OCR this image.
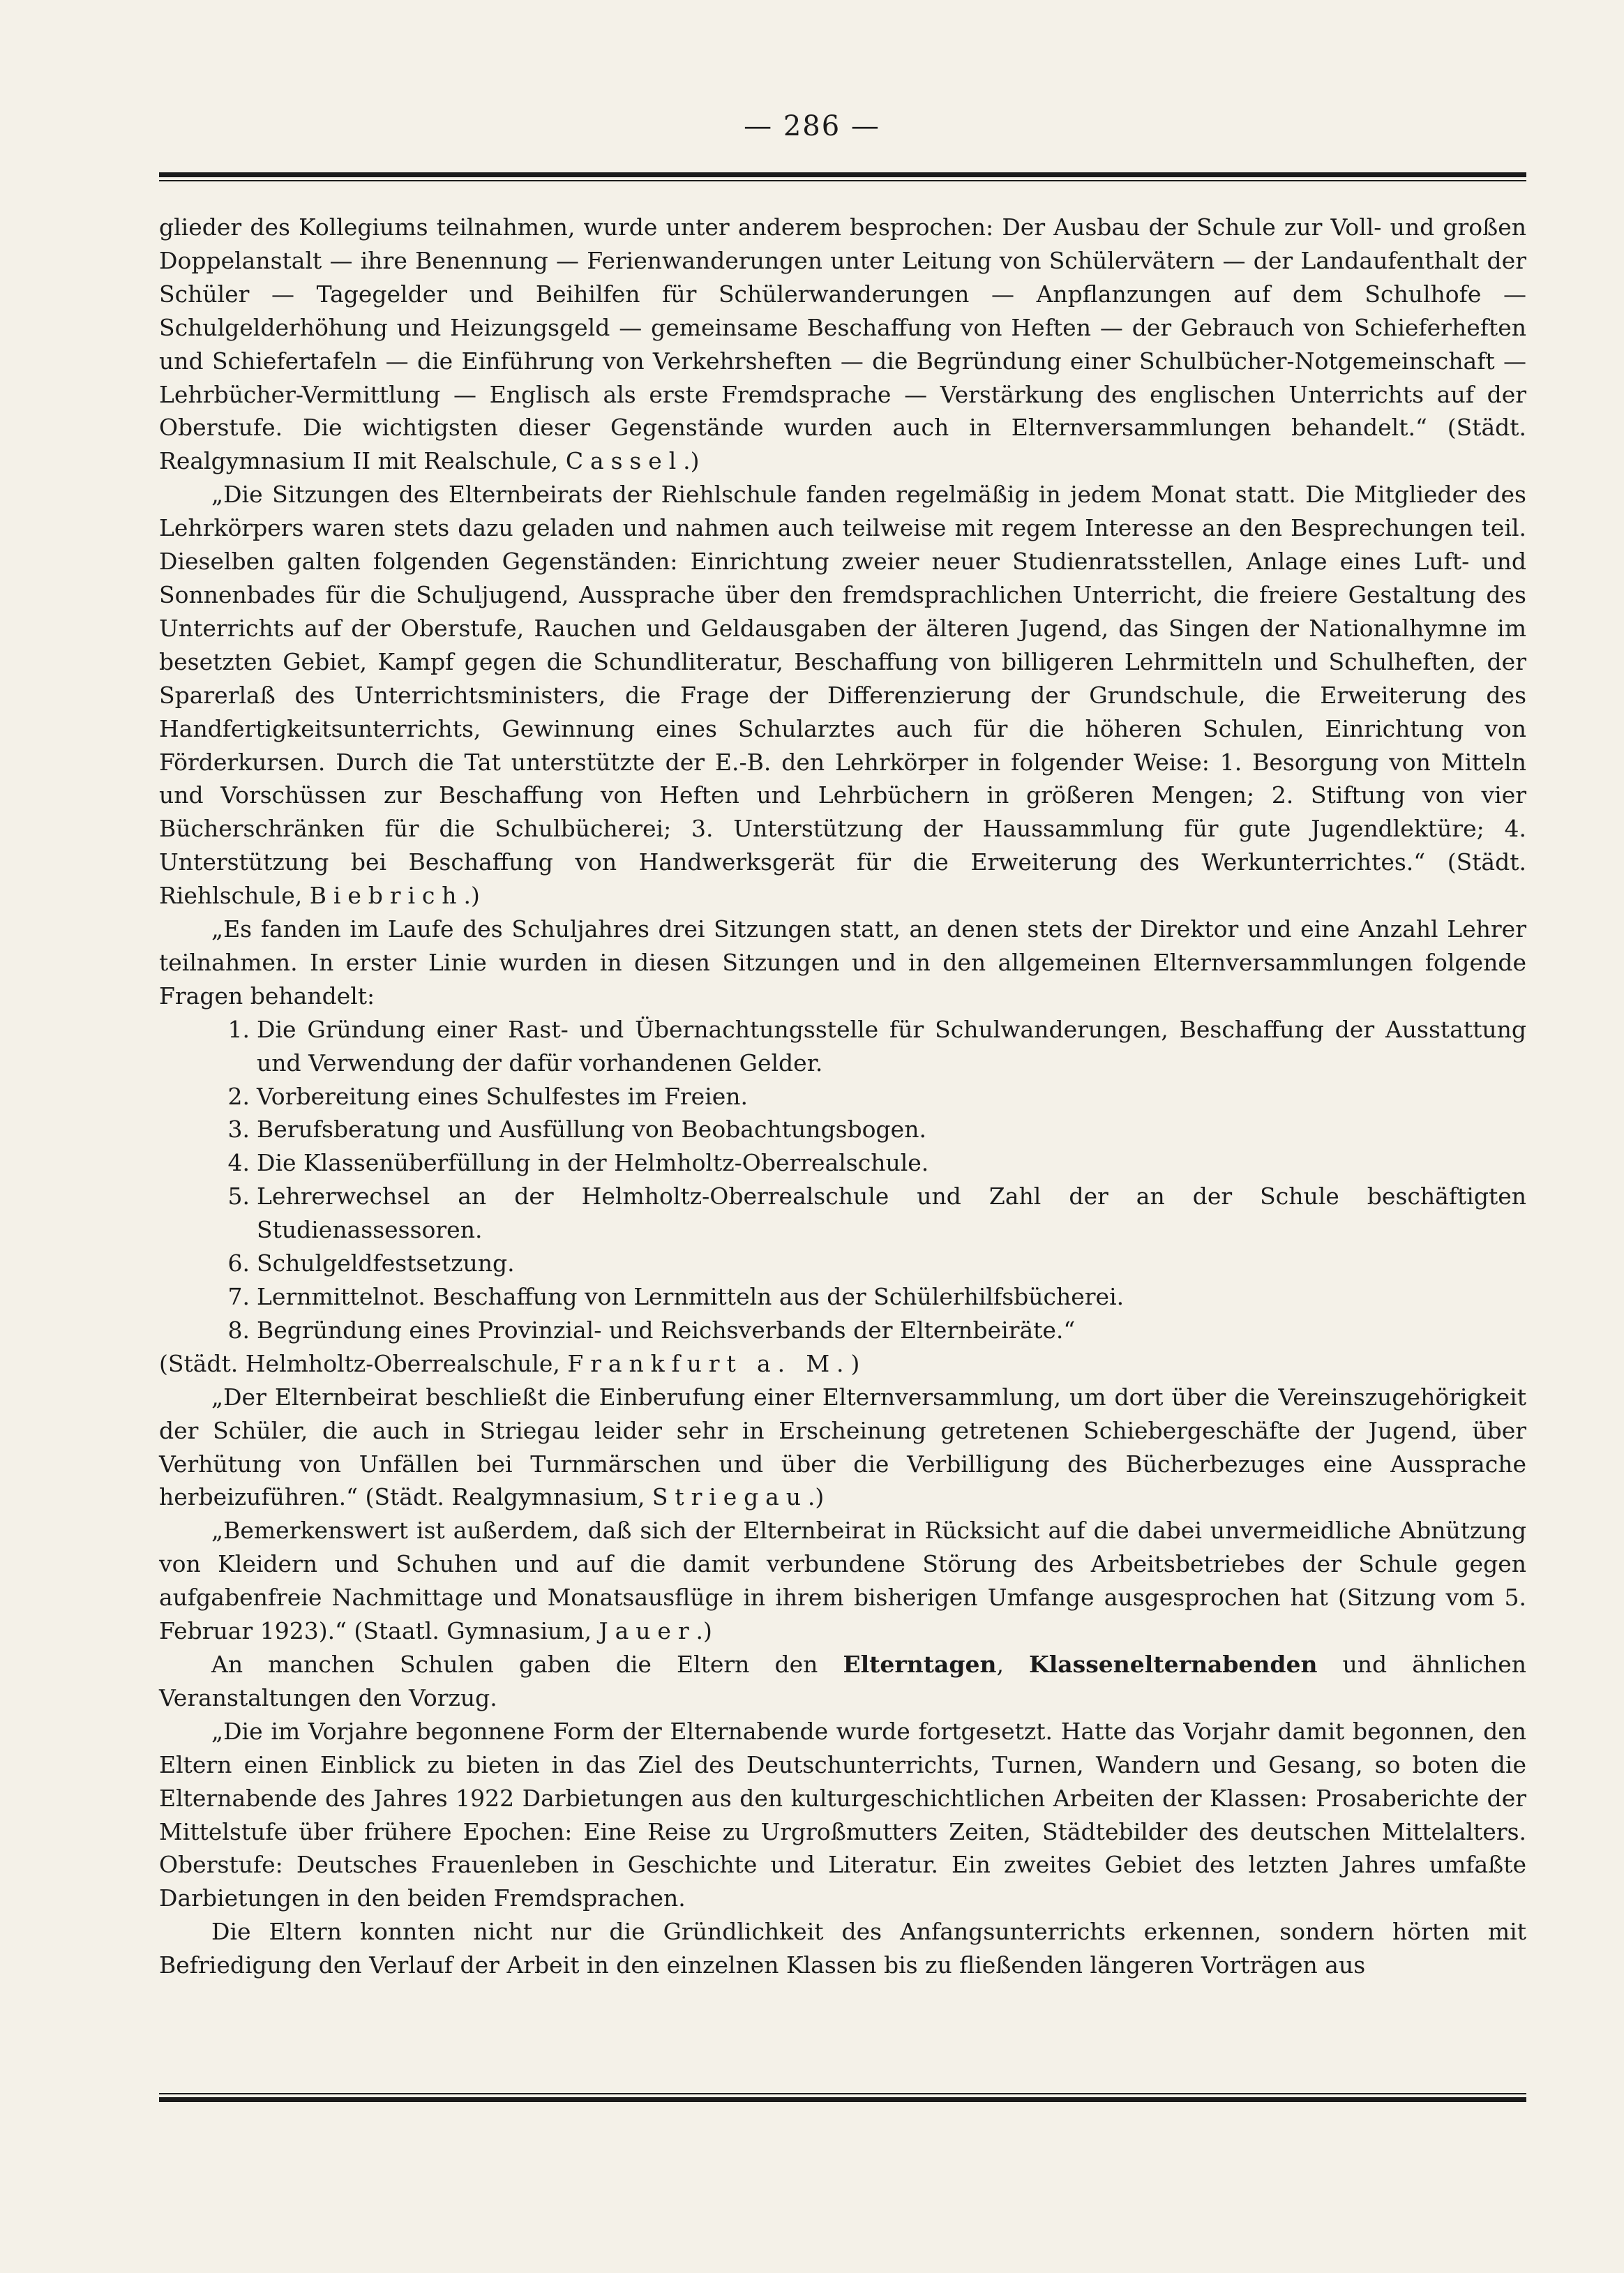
— 286 —

glieder des Kollegiums teilnahmen, wurde unter anderem besprochen: Der Ausbau der Schule zur Voll- und großen Doppelanstalt — ihre Benennung — Ferienwanderungen unter Leitung von Schülervätern — der Landaufenthalt der Schüler — Tagegelder und Beihilfen für Schülerwanderungen — Anpflanzungen auf dem Schulhofe — Schulgelderhöhung und Heizungsgeld — gemeinsame Beschaffung von Heften — der Gebrauch von Schieferheften und Schiefertafeln — die Einführung von Verkehrsheften — die Begründung einer Schulbücher-Notgemeinschaft — Lehrbücher-Vermittlung — Englisch als erste Fremdsprache — Verstärkung des englischen Unterrichts auf der Oberstufe. Die wichtigsten dieser Gegenstände wurden auch in Elternversammlungen behandelt.“ (Städt. Realgymnasium II mit Realschule, Cassel.)

„Die Sitzungen des Elternbeirats der Riehlschule fanden regelmäßig in jedem Monat statt. Die Mitglieder des Lehrkörpers waren stets dazu geladen und nahmen auch teilweise mit regem Interesse an den Besprechungen teil. Dieselben galten folgenden Gegenständen: Einrichtung zweier neuer Studienratsstellen, Anlage eines Luft- und Sonnenbades für die Schuljugend, Aussprache über den fremdsprachlichen Unterricht, die freiere Gestaltung des Unterrichts auf der Oberstufe, Rauchen und Geldausgaben der älteren Jugend, das Singen der Nationalhymne im besetzten Gebiet, Kampf gegen die Schundliteratur, Beschaffung von billigeren Lehrmitteln und Schulheften, der Sparerlaß des Unterrichtsministers, die Frage der Differenzierung der Grundschule, die Erweiterung des Handfertigkeitsunterrichts, Gewinnung eines Schularztes auch für die höheren Schulen, Einrichtung von Förderkursen. Durch die Tat unterstützte der E.-B. den Lehrkörper in folgender Weise: 1. Besorgung von Mitteln und Vorschüssen zur Beschaffung von Heften und Lehrbüchern in größeren Mengen; 2. Stiftung von vier Bücherschränken für die Schulbücherei; 3. Unterstützung der Haussammlung für gute Jugendlektüre; 4. Unterstützung bei Beschaffung von Handwerksgerät für die Erweiterung des Werkunterrichtes.“ (Städt. Riehlschule, Biebrich.)

„Es fanden im Laufe des Schuljahres drei Sitzungen statt, an denen stets der Direktor und eine Anzahl Lehrer teilnahmen. In erster Linie wurden in diesen Sitzungen und in den allgemeinen Elternversammlungen folgende Fragen behandelt:

1. Die Gründung einer Rast- und Übernachtungsstelle für Schulwanderungen, Beschaffung der Ausstattung und Verwendung der dafür vorhandenen Gelder.
2. Vorbereitung eines Schulfestes im Freien.
3. Berufsberatung und Ausfüllung von Beobachtungsbogen.
4. Die Klassenüberfüllung in der Helmholtz-Oberrealschule.
5. Lehrerwechsel an der Helmholtz-Oberrealschule und Zahl der an der Schule beschäftigten Studienassessoren.
6. Schulgeldfestsetzung.
7. Lernmittelnot. Beschaffung von Lernmitteln aus der Schülerhilfsbücherei.
8. Begründung eines Provinzial- und Reichsverbands der Elternbeiräte.“

(Städt. Helmholtz-Oberrealschule, Frankfurt a. M.)

„Der Elternbeirat beschließt die Einberufung einer Elternversammlung, um dort über die Vereinszugehörigkeit der Schüler, die auch in Striegau leider sehr in Erscheinung getretenen Schiebergeschäfte der Jugend, über Verhütung von Unfällen bei Turnmärschen und über die Verbilligung des Bücherbezuges eine Aussprache herbeizuführen.“ (Städt. Realgymnasium, Striegau.)

„Bemerkenswert ist außerdem, daß sich der Elternbeirat in Rücksicht auf die dabei unvermeidliche Abnützung von Kleidern und Schuhen und auf die damit verbundene Störung des Arbeitsbetriebes der Schule gegen aufgabenfreie Nachmittage und Monatsausflüge in ihrem bisherigen Umfange ausgesprochen hat (Sitzung vom 5. Februar 1923).“ (Staatl. Gymnasium, Jauer.)

An manchen Schulen gaben die Eltern den Elterntagen, Klassenelternabenden und ähnlichen Veranstaltungen den Vorzug.

„Die im Vorjahre begonnene Form der Elternabende wurde fortgesetzt. Hatte das Vorjahr damit begonnen, den Eltern einen Einblick zu bieten in das Ziel des Deutschunterrichts, Turnen, Wandern und Gesang, so boten die Elternabende des Jahres 1922 Darbietungen aus den kulturgeschichtlichen Arbeiten der Klassen: Prosaberichte der Mittelstufe über frühere Epochen: Eine Reise zu Urgroßmutters Zeiten, Städtebilder des deutschen Mittelalters. Oberstufe: Deutsches Frauenleben in Geschichte und Literatur. Ein zweites Gebiet des letzten Jahres umfaßte Darbietungen in den beiden Fremdsprachen.

Die Eltern konnten nicht nur die Gründlichkeit des Anfangsunterrichts erkennen, sondern hörten mit Befriedigung den Verlauf der Arbeit in den einzelnen Klassen bis zu fließenden längeren Vorträgen aus
